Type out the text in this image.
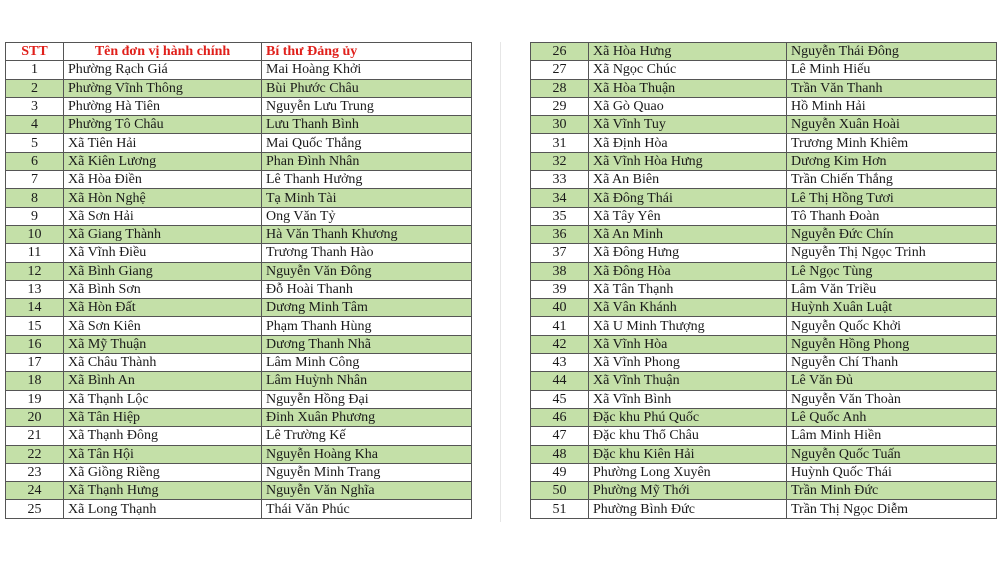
STT	Tên đơn vị hành chính	Bí thư Đảng ủy
1	Phường Rạch Giá	Mai Hoàng Khởi
2	Phường Vĩnh Thông	Bùi Phước Châu
3	Phường Hà Tiên	Nguyễn Lưu Trung
4	Phường Tô Châu	Lưu Thanh Bình
5	Xã Tiên Hải	Mai Quốc Thắng
6	Xã Kiên Lương	Phan Đình Nhân
7	Xã Hòa Điền	Lê Thanh Hưởng
8	Xã Hòn Nghệ	Tạ Minh Tài
9	Xã Sơn Hải	Ong Văn Tỷ
10	Xã Giang Thành	Hà Văn Thanh Khương
11	Xã Vĩnh Điều	Trương Thanh Hào
12	Xã Bình Giang	Nguyễn Văn Đông
13	Xã Bình Sơn	Đỗ Hoài Thanh
14	Xã Hòn Đất	Dương Minh Tâm
15	Xã Sơn Kiên	Phạm Thanh Hùng
16	Xã Mỹ Thuận	Dương Thanh Nhã
17	Xã Châu Thành	Lâm Minh Công
18	Xã Bình An	Lâm Huỳnh Nhân
19	Xã Thạnh Lộc	Nguyễn Hồng Đại
20	Xã Tân Hiệp	Đinh Xuân Phương
21	Xã Thạnh Đông	Lê Trường Kế
22	Xã Tân Hội	Nguyễn Hoàng Kha
23	Xã Giồng Riềng	Nguyễn Minh Trang
24	Xã Thạnh Hưng	Nguyễn Văn Nghĩa
25	Xã Long Thạnh	Thái Văn Phúc
26	Xã Hòa Hưng	Nguyễn Thái Đông
27	Xã Ngọc Chúc	Lê Minh Hiếu
28	Xã Hòa Thuận	Trần Văn Thanh
29	Xã Gò Quao	Hồ Minh Hải
30	Xã Vĩnh Tuy	Nguyễn Xuân Hoài
31	Xã Định Hòa	Trương Minh Khiêm
32	Xã Vĩnh Hòa Hưng	Dương Kim Hơn
33	Xã An Biên	Trần Chiến Thắng
34	Xã Đông Thái	Lê Thị Hồng Tươi
35	Xã Tây Yên	Tô Thanh Đoàn
36	Xã An Minh	Nguyễn Đức Chín
37	Xã Đông Hưng	Nguyễn Thị Ngọc Trinh
38	Xã Đông Hòa	Lê Ngọc Tùng
39	Xã Tân Thạnh	Lâm Văn Triều
40	Xã Vân Khánh	Huỳnh Xuân Luật
41	Xã U Minh Thượng	Nguyễn Quốc Khởi
42	Xã Vĩnh Hòa	Nguyễn Hồng Phong
43	Xã Vĩnh Phong	Nguyễn Chí Thanh
44	Xã Vĩnh Thuận	Lê Văn Đủ
45	Xã Vĩnh Bình	Nguyễn Văn Thoàn
46	Đặc khu Phú Quốc	Lê Quốc Anh
47	Đặc khu Thổ Châu	Lâm Minh Hiền
48	Đặc khu Kiên Hải	Nguyễn Quốc Tuấn
49	Phường Long Xuyên	Huỳnh Quốc Thái
50	Phường Mỹ Thới	Trần Minh Đức
51	Phường Bình Đức	Trần Thị Ngọc Diễm
